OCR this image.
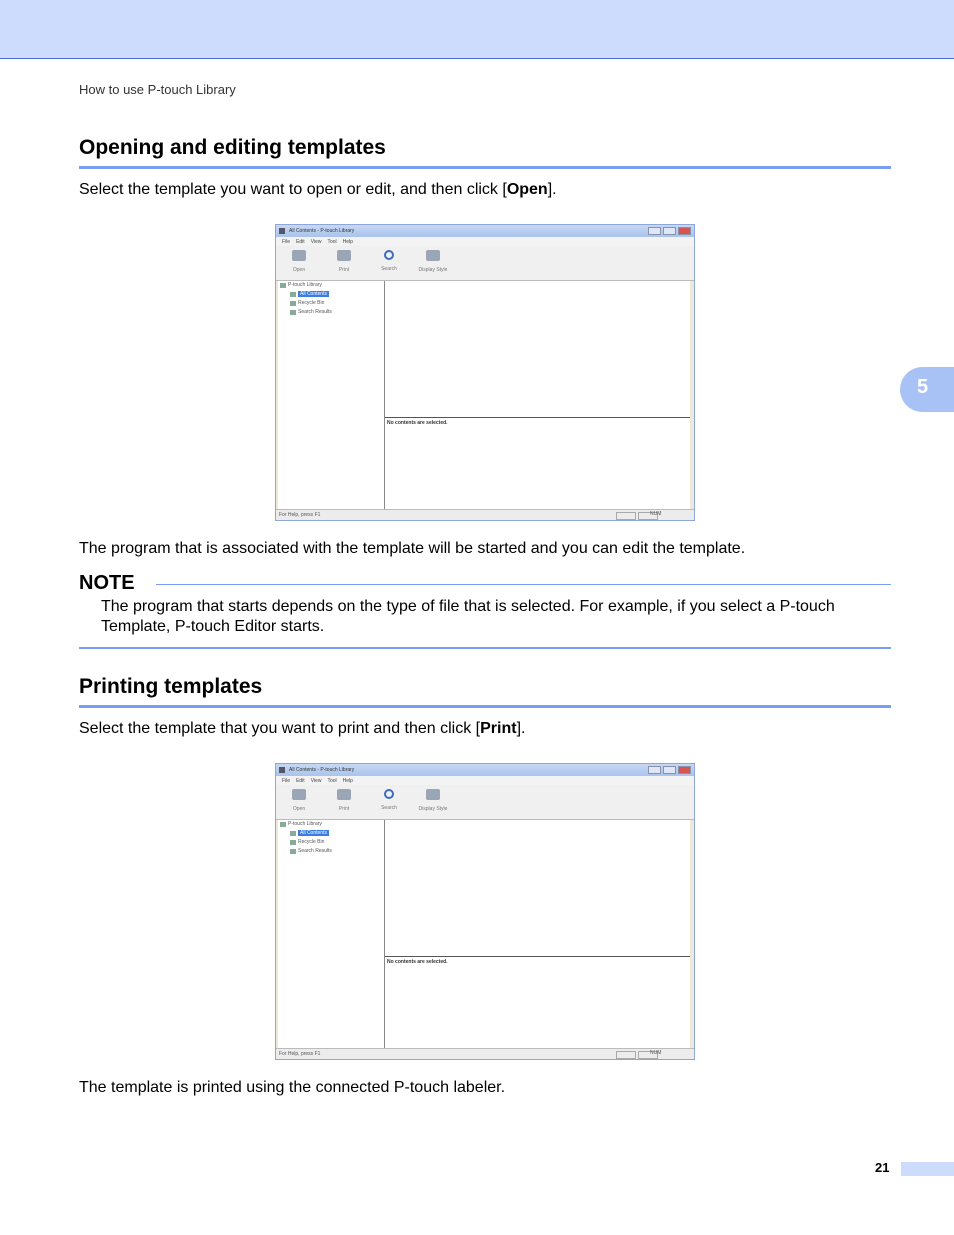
How to use P-touch Library
5
Opening and editing templates
Select the template you want to open or edit, and then click [Open].
All Contents - P-touch Library
File Edit View Tool Help
Open	Print	Search	Display Style
P-touch Library
All Contents
Recycle Bin
Search Results
No contents are selected.
For Help, press F1	NUM
The program that is associated with the template will be started and you can edit the template.
NOTE
The program that starts depends on the type of file that is selected. For example, if you select a P-touch Template, P-touch Editor starts.
Printing templates
Select the template that you want to print and then click [Print].
All Contents - P-touch Library
File Edit View Tool Help
Open	Print	Search	Display Style
P-touch Library
All Contents
Recycle Bin
Search Results
No contents are selected.
For Help, press F1	NUM
The template is printed using the connected P-touch labeler.
21
